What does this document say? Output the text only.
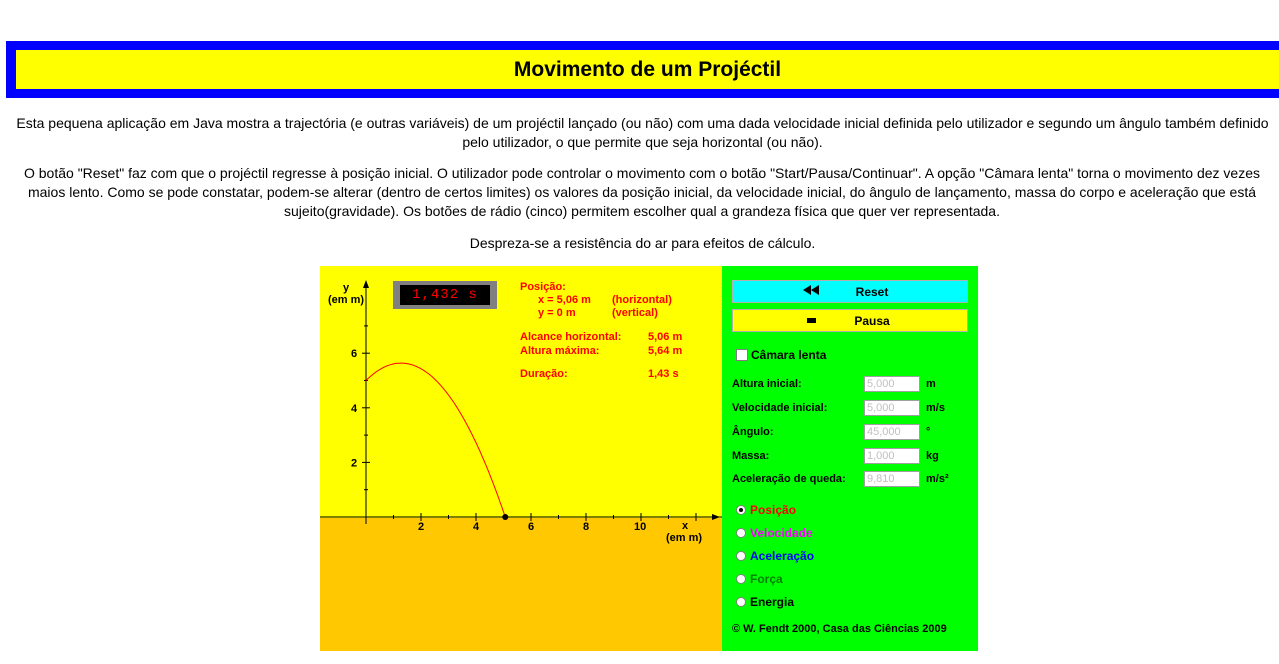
Movimento de um Projéctil
Esta pequena aplicação em Java mostra a trajectória (e outras variáveis) de um projéctil lançado (ou não) com uma dada velocidade inicial definida pelo utilizador e segundo um ângulo também definido pelo utilizador, o que permite que seja horizontal (ou não).
O botão "Reset" faz com que o projéctil regresse à posição inicial. O utilizador pode controlar o movimento com o botão "Start/Pausa/Continuar". A opção "Câmara lenta" torna o movimento dez vezes maios lento. Como se pode constatar, podem-se alterar (dentro de certos limites) os valores da posição inicial, da velocidade inicial, do ângulo de lançamento, massa do corpo e aceleração que está sujeito(gravidade). Os botões de rádio (cinco) permitem escolher qual a grandeza física que quer ver representada.
Despreza-se a resistência do ar para efeitos de cálculo.
2	4	6	8	10
2
4
6
y
(em m)
x
(em m)
Posição:
x = 5,06 m (horizontal)
y = 0 m	(vertical)
Alcance horizontal: 5,06 m
Altura máxima:	5,64 m
Duração:	1,43 s
1,432 s	Reset
Pausa
Câmara lenta
Altura inicial:	5,000	m
Velocidade inicial:	5,000	m/s
Ângulo:	45,000	°
Massa:	1,000	kg
Aceleração de queda: 9,810	m/s²
Posição
Velocidade
Aceleração
Força
Energia
© W. Fendt 2000, Casa das Ciências 2009
